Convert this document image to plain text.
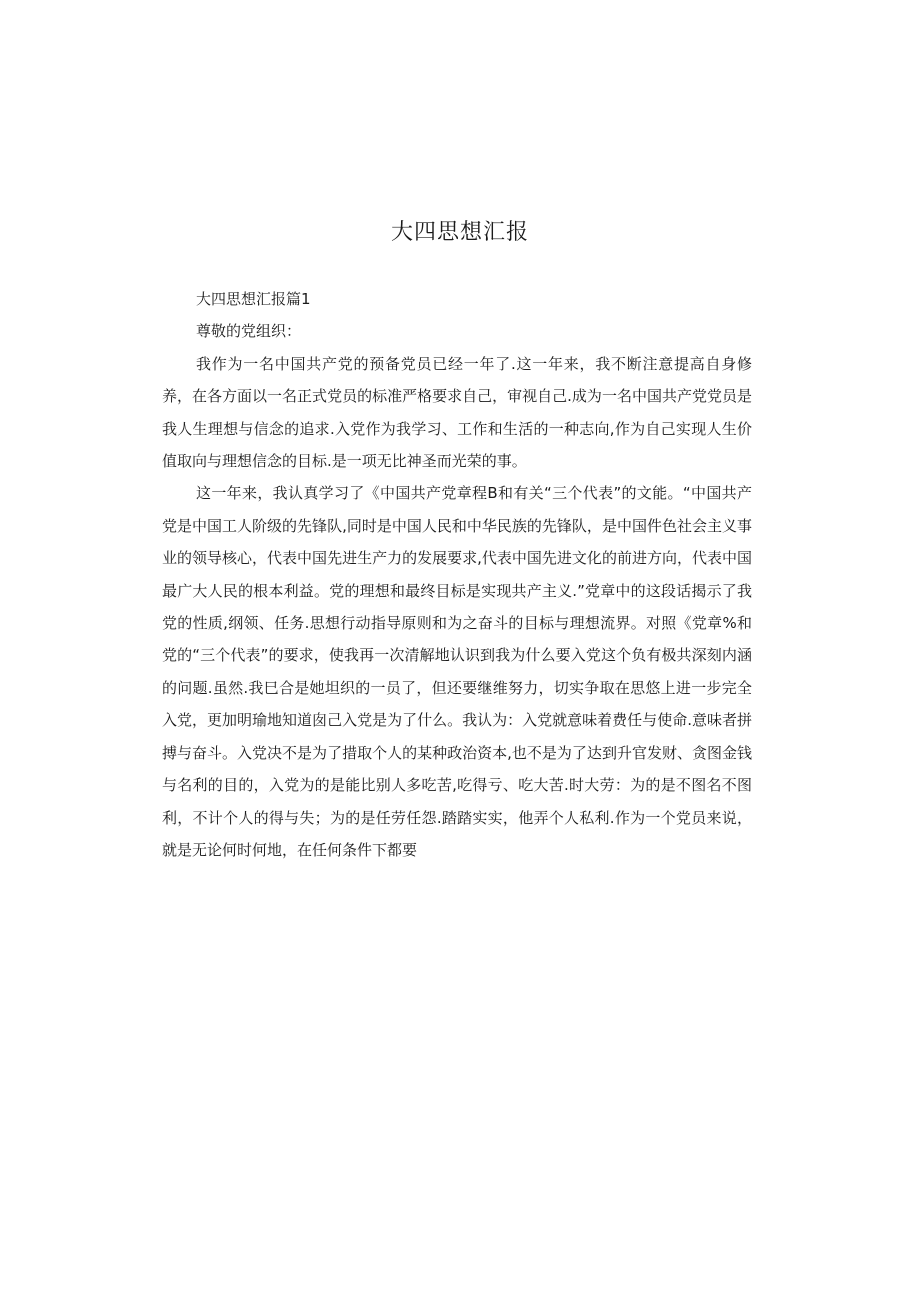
大四思想汇报

大四思想汇报篇1

尊敬的党组织：

我作为一名中国共产党的预备党员已经一年了.这一年来，我不断注意提高自身修养，在各方面以一名正式党员的标准严格要求自己，审视自己.成为一名中国共产党党员是我人生理想与信念的追求.入党作为我学习、工作和生活的一种志向,作为自己实现人生价值取向与理想信念的目标.是一项无比神圣而光荣的事。

这一年来，我认真学习了《中国共产党章程B和有关“三个代表”的文能。“中国共产党是中国工人阶级的先锋队,同时是中国人民和中华民族的先锋队，是中国件色社会主义事业的领导核心，代表中国先进生产力的发展要求,代表中国先进文化的前进方向，代表中国最广大人民的根本利益。党的理想和最终目标是实现共产主义.”党章中的这段话揭示了我党的性质,纲领、任务.思想行动指导原则和为之奋斗的目标与理想流界。对照《党章%和党的“三个代表”的要求，使我再一次清解地认识到我为什么要入党这个负有极共深刻内涵的问题.虽然.我巳合是她坦织的一员了，但还要继维努力，切实争取在思悠上进一步完全入党，更加明瑜地知道囱己入党是为了什么。我认为：入党就意味着费任与使命.意味者拼搏与奋斗。入党决不是为了措取个人的某种政治资本,也不是为了达到升官发财、贪图金钱与名利的目的，入党为的是能比别人多吃苦,吃得亏、吃大苦.时大劳：为的是不图名不图利，不计个人的得与失；为的是任劳任怨.踏踏实实，他弄个人私利.作为一个党员来说，就是无论何时何地，在任何条件下都要
